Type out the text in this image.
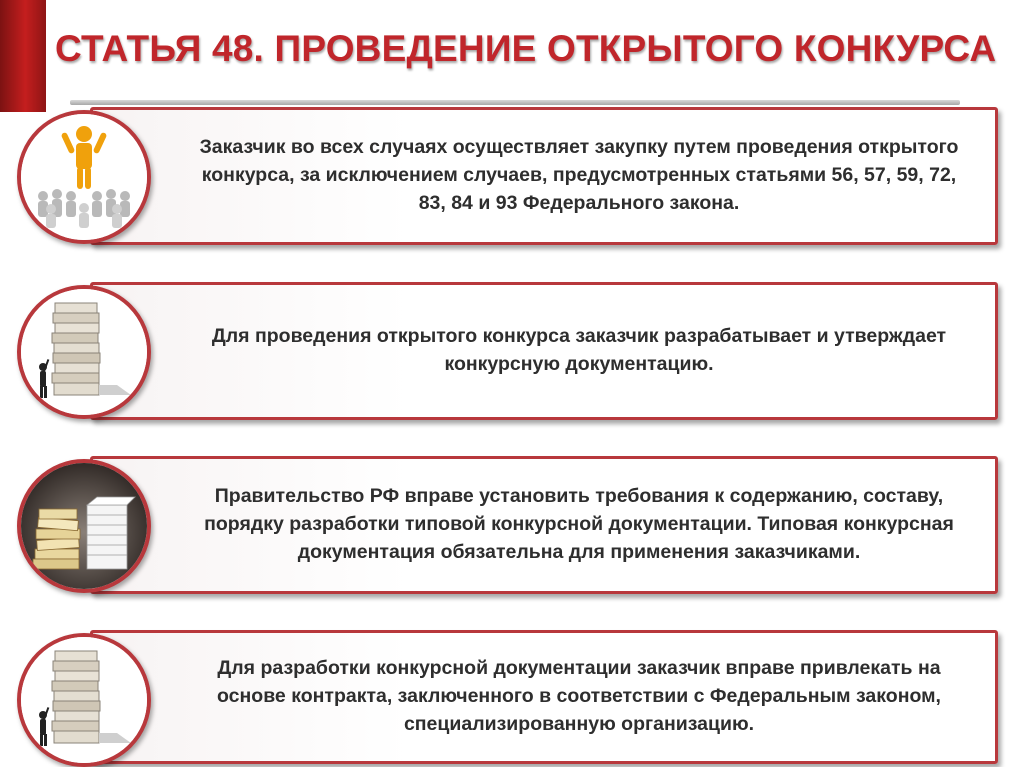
СТАТЬЯ 48. ПРОВЕДЕНИЕ ОТКРЫТОГО КОНКУРСА
Заказчик во всех случаях осуществляет закупку путем проведения открытого конкурса, за исключением случаев, предусмотренных статьями 56, 57, 59, 72, 83, 84 и 93 Федерального закона.
Для проведения открытого конкурса заказчик разрабатывает и утверждает конкурсную документацию.
Правительство РФ вправе установить требования к содержанию, составу, порядку разработки типовой конкурсной документации. Типовая конкурсная документация обязательна для применения заказчиками.
Для разработки конкурсной документации заказчик вправе привлекать на основе контракта, заключенного в соответствии с Федеральным законом, специализированную организацию.
